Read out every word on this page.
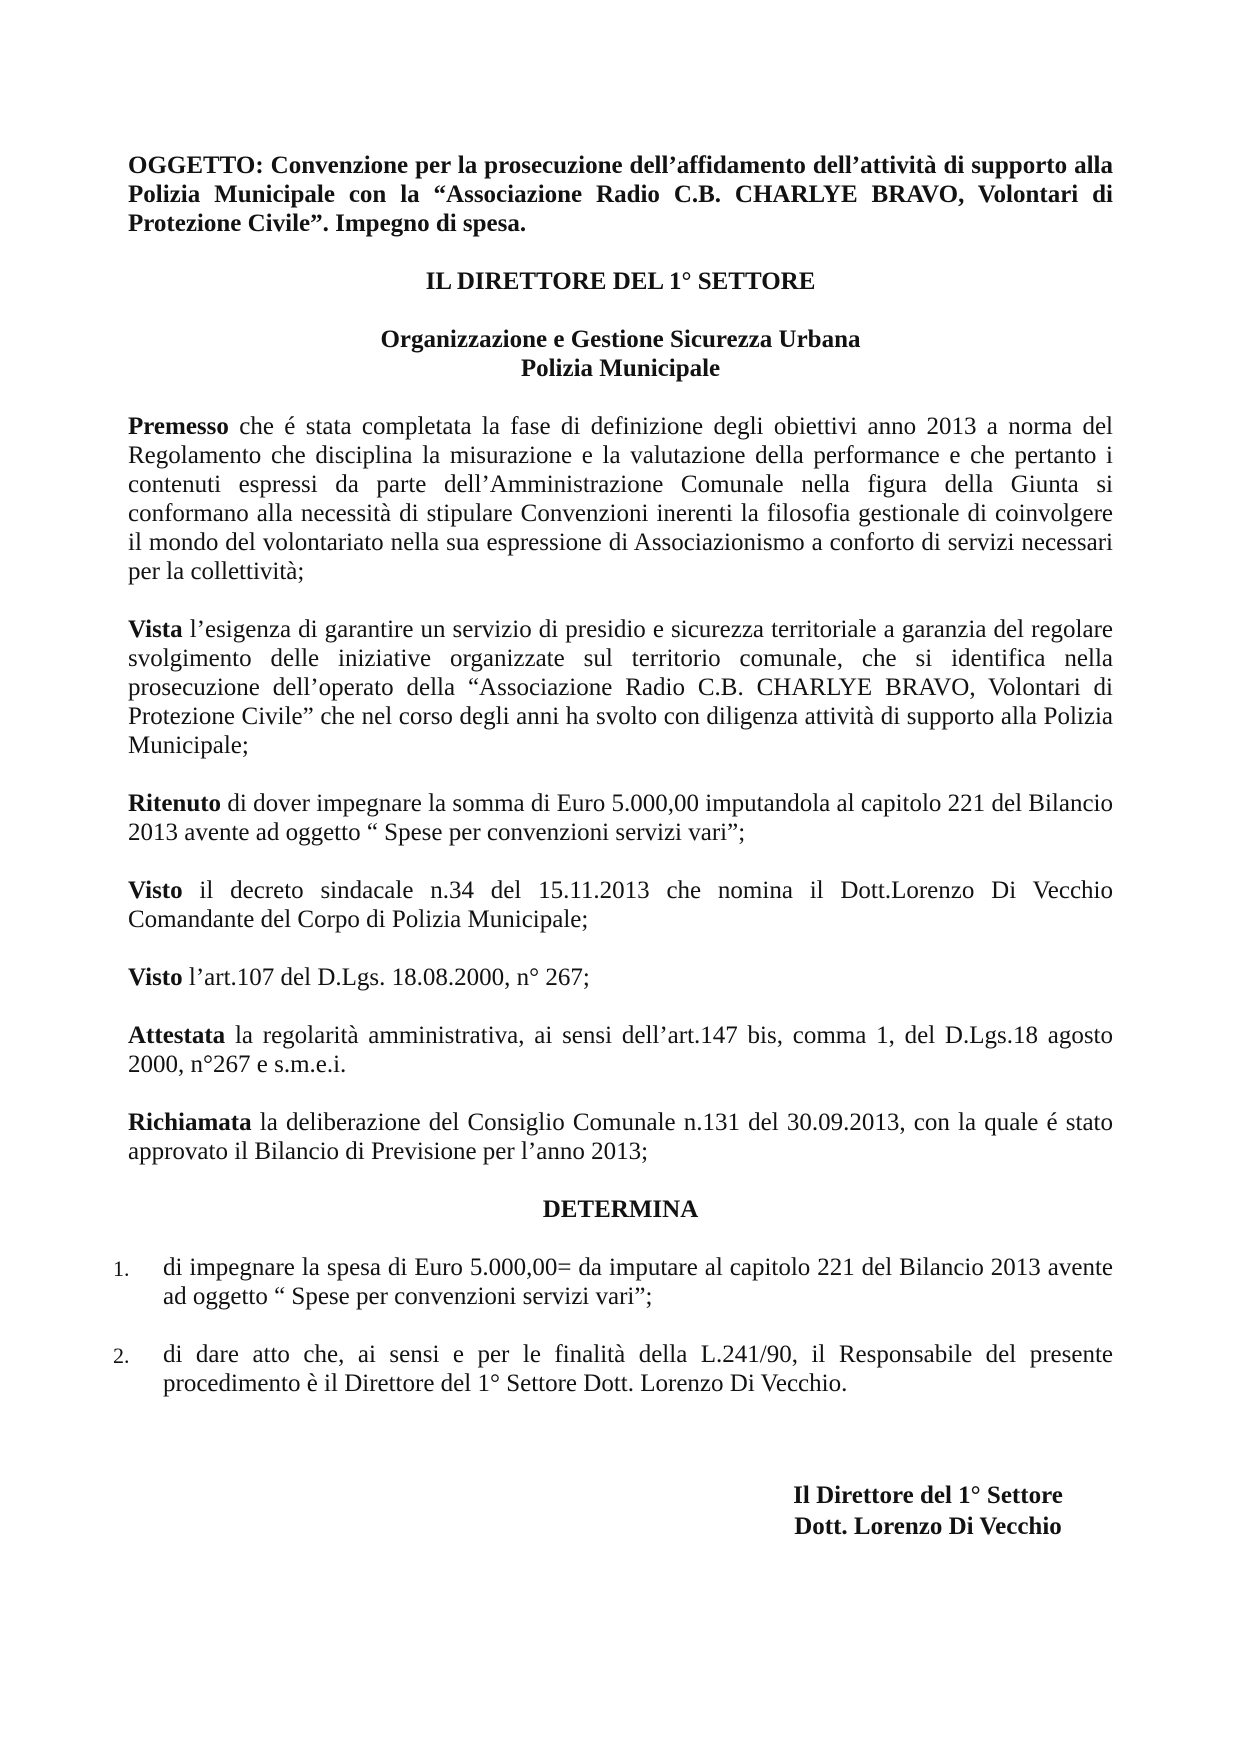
OGGETTO: Convenzione per la prosecuzione dell’affidamento dell’attività di supporto alla Polizia Municipale con la “Associazione Radio C.B. CHARLYE BRAVO, Volontari di Protezione Civile”. Impegno di spesa.

IL DIRETTORE DEL 1° SETTORE
Organizzazione e Gestione Sicurezza Urbana
Polizia Municipale

Premesso che é stata completata la fase di definizione degli obiettivi anno 2013 a norma del Regolamento che disciplina la misurazione e la valutazione della performance e che pertanto i contenuti espressi da parte dell’Amministrazione Comunale nella figura della Giunta si conformano alla necessità di stipulare Convenzioni inerenti la filosofia gestionale di coinvolgere il mondo del volontariato nella sua espressione di Associazionismo a conforto di servizi necessari per la collettività;

Vista l’esigenza di garantire un servizio di presidio e sicurezza territoriale a garanzia del regolare svolgimento delle iniziative organizzate sul territorio comunale, che si identifica nella prosecuzione dell’operato della “Associazione Radio C.B. CHARLYE BRAVO, Volontari di Protezione Civile” che nel corso degli anni ha svolto con diligenza attività di supporto alla Polizia Municipale;

Ritenuto di dover impegnare la somma di Euro 5.000,00 imputandola al capitolo 221 del Bilancio 2013 avente ad oggetto “ Spese per convenzioni servizi vari”;

Visto il decreto sindacale n.34 del 15.11.2013 che nomina il Dott.Lorenzo Di Vecchio Comandante del Corpo di Polizia Municipale;

Visto l’art.107 del D.Lgs. 18.08.2000, n° 267;

Attestata la regolarità amministrativa, ai sensi dell’art.147 bis, comma 1, del D.Lgs.18 agosto 2000, n°267 e s.m.e.i.

Richiamata la deliberazione del Consiglio Comunale n.131 del 30.09.2013, con la quale é stato approvato il Bilancio di Previsione per l’anno 2013;

DETERMINA
1. di impegnare la spesa di Euro 5.000,00= da imputare al capitolo 221 del Bilancio 2013 avente ad oggetto “ Spese per convenzioni servizi vari”;
2. di dare atto che, ai sensi e per le finalità della L.241/90, il Responsabile del presente procedimento è il Direttore del 1° Settore Dott. Lorenzo Di Vecchio.
Il Direttore del 1° Settore
Dott. Lorenzo Di Vecchio
